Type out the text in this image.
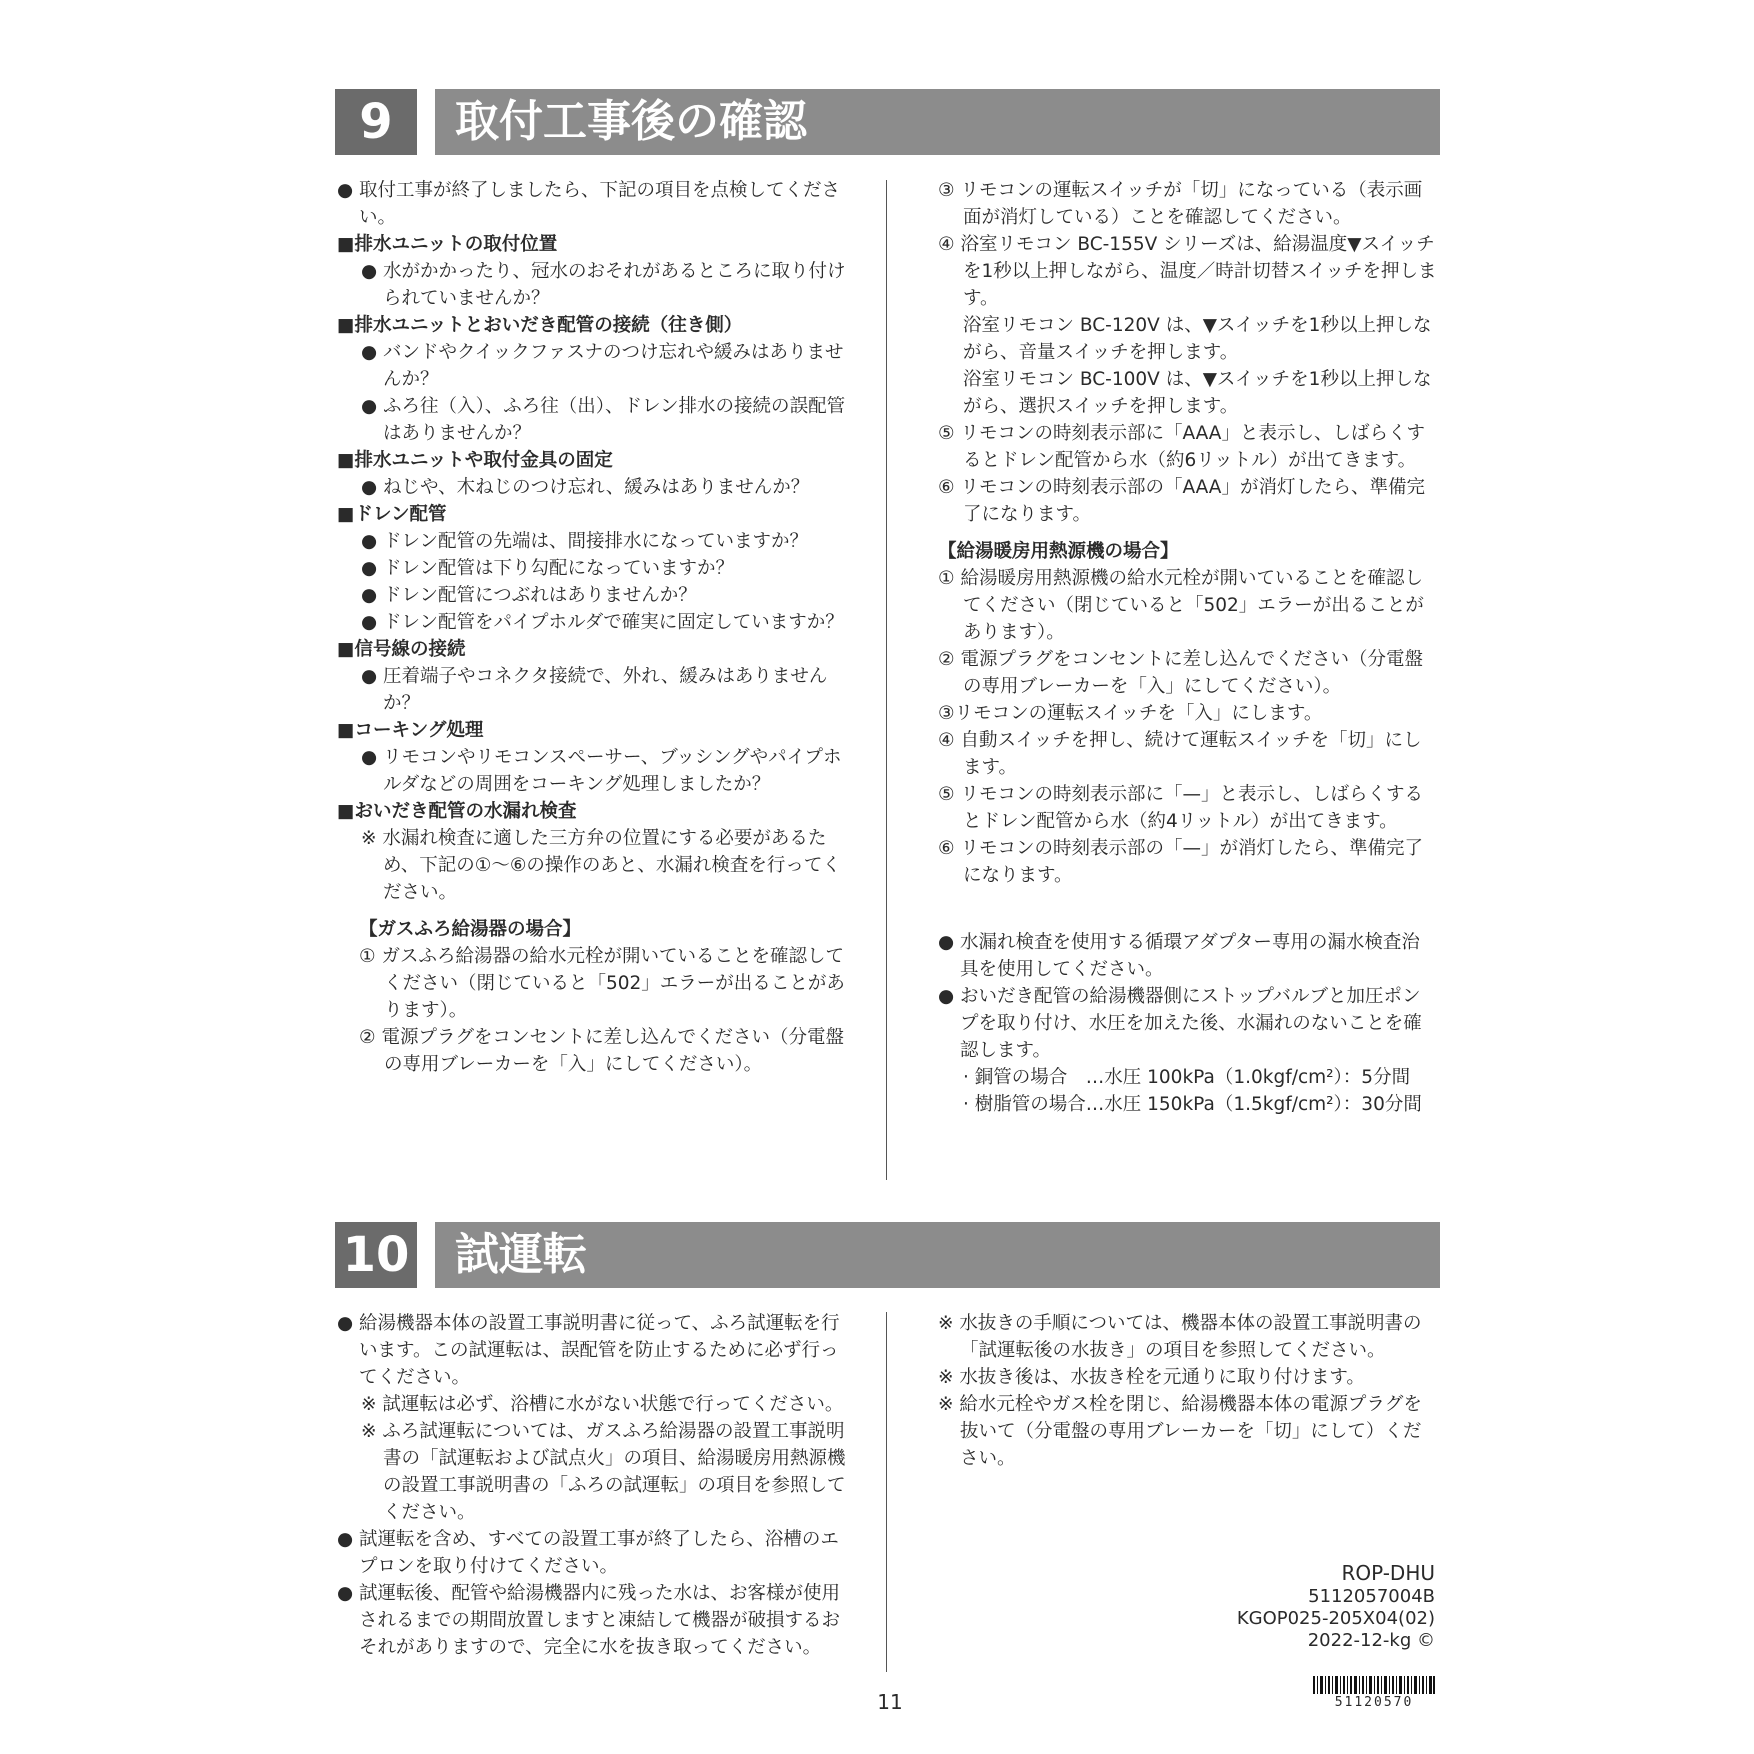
9	取付工事後の確認

● 取付工事が終了しましたら、下記の項目を点検してください。

■排水ユニットの取付位置

● 水がかかったり、冠水のおそれがあるところに取り付けられていませんか？

■排水ユニットとおいだき配管の接続（往き側）

● バンドやクイックファスナのつけ忘れや緩みはありませんか？

● ふろ往（入）、ふろ往（出）、ドレン排水の接続の誤配管はありませんか？

■排水ユニットや取付金具の固定

● ねじや、木ねじのつけ忘れ、緩みはありませんか？

■ドレン配管

● ドレン配管の先端は、間接排水になっていますか？

● ドレン配管は下り勾配になっていますか？

● ドレン配管につぶれはありませんか？

● ドレン配管をパイプホルダで確実に固定していますか？

■信号線の接続

● 圧着端子やコネクタ接続で、外れ、緩みはありませんか？

■コーキング処理

● リモコンやリモコンスペーサー、ブッシングやパイプホルダなどの周囲をコーキング処理しましたか？

■おいだき配管の水漏れ検査

※ 水漏れ検査に適した三方弁の位置にする必要があるため、下記の①～⑥の操作のあと、水漏れ検査を行ってください。

【ガスふろ給湯器の場合】

① ガスふろ給湯器の給水元栓が開いていることを確認してください（閉じていると「502」エラーが出ることがあります）。

② 電源プラグをコンセントに差し込んでください（分電盤の専用ブレーカーを「入」にしてください）。

③ リモコンの運転スイッチが「切」になっている（表示画面が消灯している）ことを確認してください。

④ 浴室リモコン BC-155V シリーズは、給湯温度▼スイッチを1秒以上押しながら、温度／時計切替スイッチを押します。

浴室リモコン BC-120V は、▼スイッチを1秒以上押しながら、音量スイッチを押します。

浴室リモコン BC-100V は、▼スイッチを1秒以上押しながら、選択スイッチを押します。

⑤ リモコンの時刻表示部に「AAA」と表示し、しばらくするとドレン配管から水（約6リットル）が出てきます。

⑥ リモコンの時刻表示部の「AAA」が消灯したら、準備完了になります。

【給湯暖房用熱源機の場合】

① 給湯暖房用熱源機の給水元栓が開いていることを確認してください（閉じていると「502」エラーが出ることがあります）。

② 電源プラグをコンセントに差し込んでください（分電盤の専用ブレーカーを「入」にしてください）。

③リモコンの運転スイッチを「入」にします。

④ 自動スイッチを押し、続けて運転スイッチを「切」にします。

⑤ リモコンの時刻表示部に「—」と表示し、しばらくするとドレン配管から水（約4リットル）が出てきます。

⑥ リモコンの時刻表示部の「—」が消灯したら、準備完了になります。

● 水漏れ検査を使用する循環アダプター専用の漏水検査治具を使用してください。

● おいだき配管の給湯機器側にストップバルブと加圧ポンプを取り付け、水圧を加えた後、水漏れのないことを確認します。

· 銅管の場合　…水圧 100kPa（1.0kgf/cm²）：5分間

· 樹脂管の場合…水圧 150kPa（1.5kgf/cm²）：30分間

10	試運転

● 給湯機器本体の設置工事説明書に従って、ふろ試運転を行います。この試運転は、誤配管を防止するために必ず行ってください。

※ 試運転は必ず、浴槽に水がない状態で行ってください。

※ ふろ試運転については、ガスふろ給湯器の設置工事説明書の「試運転および試点火」の項目、給湯暖房用熱源機の設置工事説明書の「ふろの試運転」の項目を参照してください。

● 試運転を含め、すべての設置工事が終了したら、浴槽のエプロンを取り付けてください。

● 試運転後、配管や給湯機器内に残った水は、お客様が使用されるまでの期間放置しますと凍結して機器が破損するおそれがありますので、完全に水を抜き取ってください。

※ 水抜きの手順については、機器本体の設置工事説明書の「試運転後の水抜き」の項目を参照してください。

※ 水抜き後は、水抜き栓を元通りに取り付けます。

※ 給水元栓やガス栓を閉じ、給湯機器本体の電源プラグを抜いて（分電盤の専用ブレーカーを「切」にして）ください。

ROP-DHU
5112057004B
KGOP025-205X04(02)
2022-12-kg ©
51120570
11
